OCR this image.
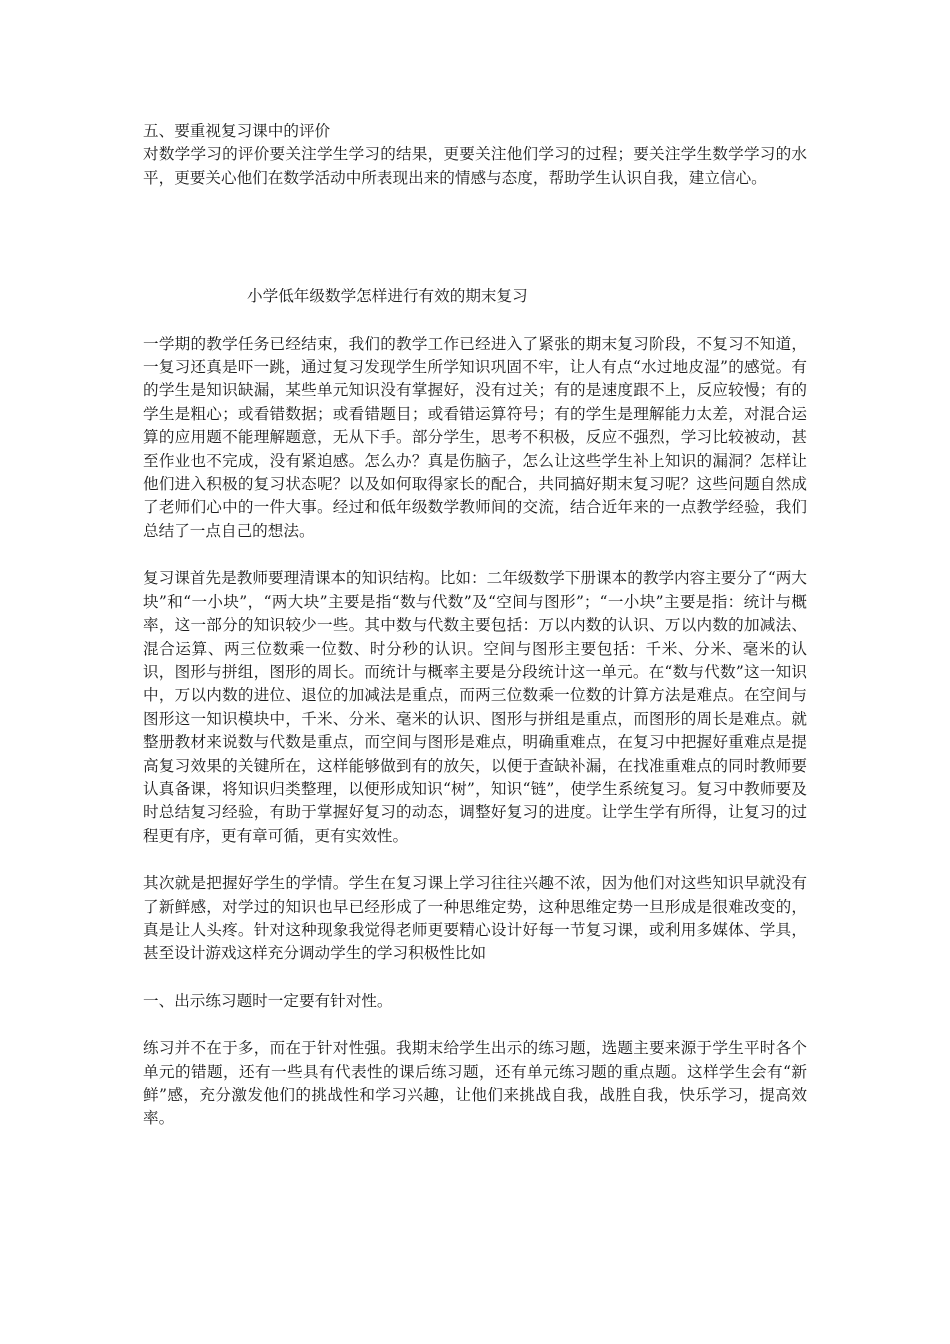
五、要重视复习课中的评价

对数学学习的评价要关注学生学习的结果，更要关注他们学习的过程；要关注学生数学学习的水平，更要关心他们在数学活动中所表现出来的情感与态度，帮助学生认识自我，建立信心。

小学低年级数学怎样进行有效的期末复习

一学期的教学任务已经结束，我们的教学工作已经进入了紧张的期末复习阶段，不复习不知道，一复习还真是吓一跳，通过复习发现学生所学知识巩固不牢，让人有点“水过地皮湿”的感觉。有的学生是知识缺漏，某些单元知识没有掌握好，没有过关；有的是速度跟不上，反应较慢；有的学生是粗心；或看错数据；或看错题目；或看错运算符号；有的学生是理解能力太差，对混合运算的应用题不能理解题意，无从下手。部分学生，思考不积极，反应不强烈，学习比较被动，甚至作业也不完成，没有紧迫感。怎么办？真是伤脑子，怎么让这些学生补上知识的漏洞？怎样让他们进入积极的复习状态呢？以及如何取得家长的配合，共同搞好期末复习呢？这些问题自然成了老师们心中的一件大事。经过和低年级数学教师间的交流，结合近年来的一点教学经验，我们总结了一点自己的想法。

复习课首先是教师要理清课本的知识结构。比如：二年级数学下册课本的教学内容主要分了“两大块”和“一小块”，“两大块”主要是指“数与代数”及“空间与图形”；“一小块”主要是指：统计与概率，这一部分的知识较少一些。其中数与代数主要包括：万以内数的认识、万以内数的加减法、混合运算、两三位数乘一位数、时分秒的认识。空间与图形主要包括：千米、分米、毫米的认识，图形与拼组，图形的周长。而统计与概率主要是分段统计这一单元。在“数与代数”这一知识中，万以内数的进位、退位的加减法是重点，而两三位数乘一位数的计算方法是难点。在空间与图形这一知识模块中，千米、分米、毫米的认识、图形与拼组是重点，而图形的周长是难点。就整册教材来说数与代数是重点，而空间与图形是难点，明确重难点，在复习中把握好重难点是提高复习效果的关键所在，这样能够做到有的放矢，以便于查缺补漏，在找准重难点的同时教师要认真备课，将知识归类整理，以便形成知识“树”，知识“链”，使学生系统复习。复习中教师要及时总结复习经验，有助于掌握好复习的动态，调整好复习的进度。让学生学有所得，让复习的过程更有序，更有章可循，更有实效性。

其次就是把握好学生的学情。学生在复习课上学习往往兴趣不浓，因为他们对这些知识早就没有了新鲜感，对学过的知识也早已经形成了一种思维定势，这种思维定势一旦形成是很难改变的，真是让人头疼。针对这种现象我觉得老师更要精心设计好每一节复习课，或利用多媒体、学具，甚至设计游戏这样充分调动学生的学习积极性比如

一、出示练习题时一定要有针对性。

练习并不在于多，而在于针对性强。我期末给学生出示的练习题，选题主要来源于学生平时各个单元的错题，还有一些具有代表性的课后练习题，还有单元练习题的重点题。这样学生会有“新鲜”感，充分激发他们的挑战性和学习兴趣，让他们来挑战自我，战胜自我，快乐学习，提高效率。
